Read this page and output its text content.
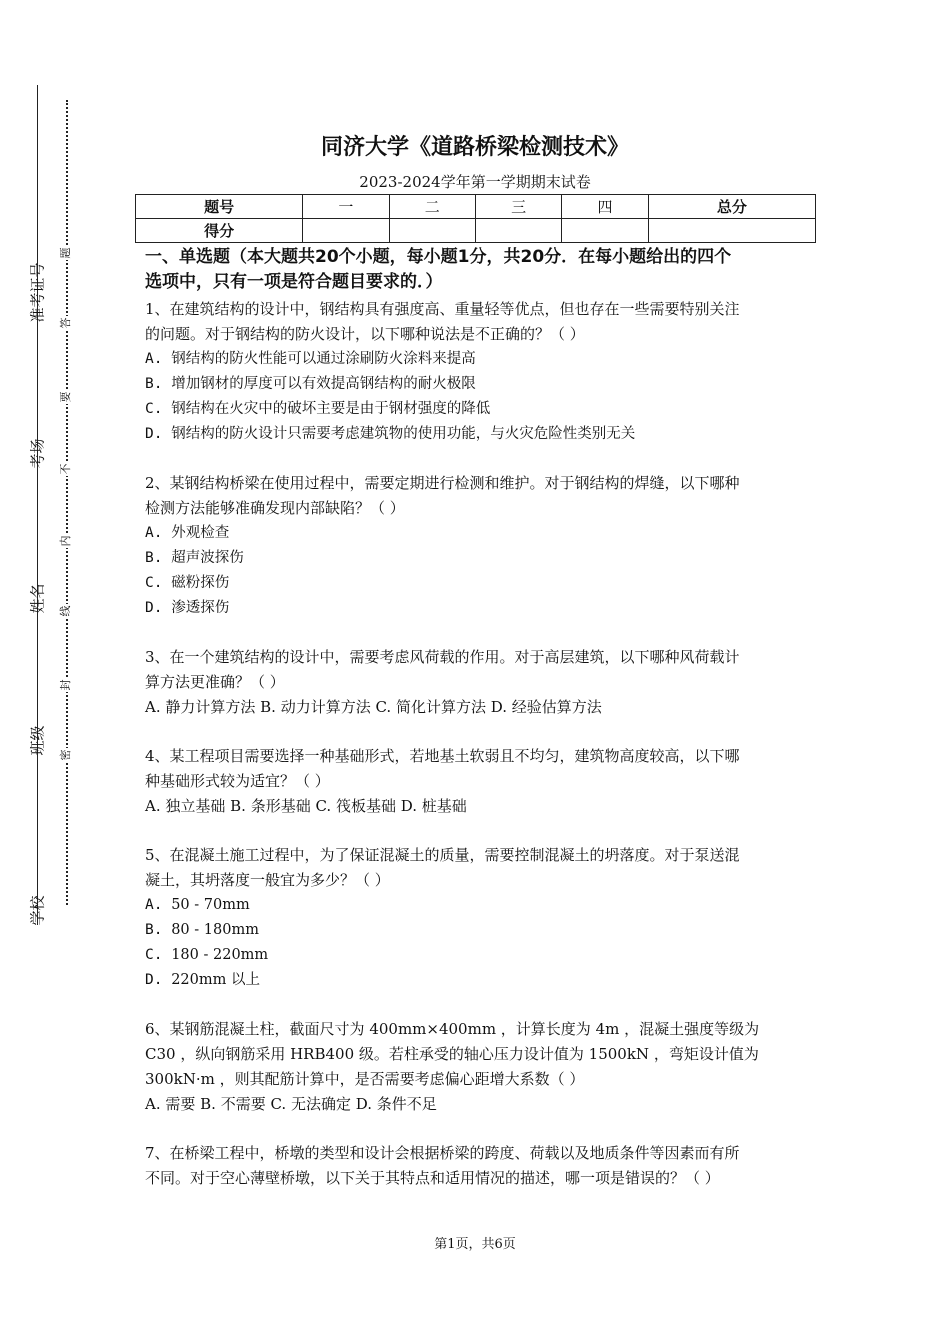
准考证号
考场
姓名
班级
学校
题
答
要
不
内
线
封
密
同济大学《道路桥梁检测技术》
2023-2024学年第一学期期末试卷
题号	一	二	三	四	总分
得分					

一、单选题（本大题共20个小题，每小题1分，共20分．在每小题给出的四个
选项中，只有一项是符合题目要求的．）

1、在建筑结构的设计中，钢结构具有强度高、重量轻等优点，但也存在一些需要特别关注

的问题。对于钢结构的防火设计，以下哪种说法是不正确的？（ ）

A. 钢结构的防火性能可以通过涂刷防火涂料来提高

B. 增加钢材的厚度可以有效提高钢结构的耐火极限

C. 钢结构在火灾中的破坏主要是由于钢材强度的降低

D. 钢结构的防火设计只需要考虑建筑物的使用功能，与火灾危险性类别无关

2、某钢结构桥梁在使用过程中，需要定期进行检测和维护。对于钢结构的焊缝，以下哪种

检测方法能够准确发现内部缺陷？（ ）

A. 外观检查

B. 超声波探伤

C. 磁粉探伤

D. 渗透探伤

3、在一个建筑结构的设计中，需要考虑风荷载的作用。对于高层建筑，以下哪种风荷载计

算方法更准确？（ ）

A. 静力计算方法 B. 动力计算方法 C. 简化计算方法 D. 经验估算方法

4、某工程项目需要选择一种基础形式，若地基土软弱且不均匀，建筑物高度较高，以下哪

种基础形式较为适宜？（ ）

A. 独立基础 B. 条形基础 C. 筏板基础 D. 桩基础

5、在混凝土施工过程中，为了保证混凝土的质量，需要控制混凝土的坍落度。对于泵送混

凝土，其坍落度一般宜为多少？（ ）

A. 50 - 70mm

B. 80 - 180mm

C. 180 - 220mm

D. 220mm 以上

6、某钢筋混凝土柱，截面尺寸为 400mm×400mm ，计算长度为 4m ，混凝土强度等级为

C30 ，纵向钢筋采用 HRB400 级。若柱承受的轴心压力设计值为 1500kN ，弯矩设计值为

300kN·m ，则其配筋计算中，是否需要考虑偏心距增大系数（ ）

A. 需要 B. 不需要 C. 无法确定 D. 条件不足

7、在桥梁工程中，桥墩的类型和设计会根据桥梁的跨度、荷载以及地质条件等因素而有所

不同。对于空心薄壁桥墩，以下关于其特点和适用情况的描述，哪一项是错误的？（ ）

第1页，共6页
